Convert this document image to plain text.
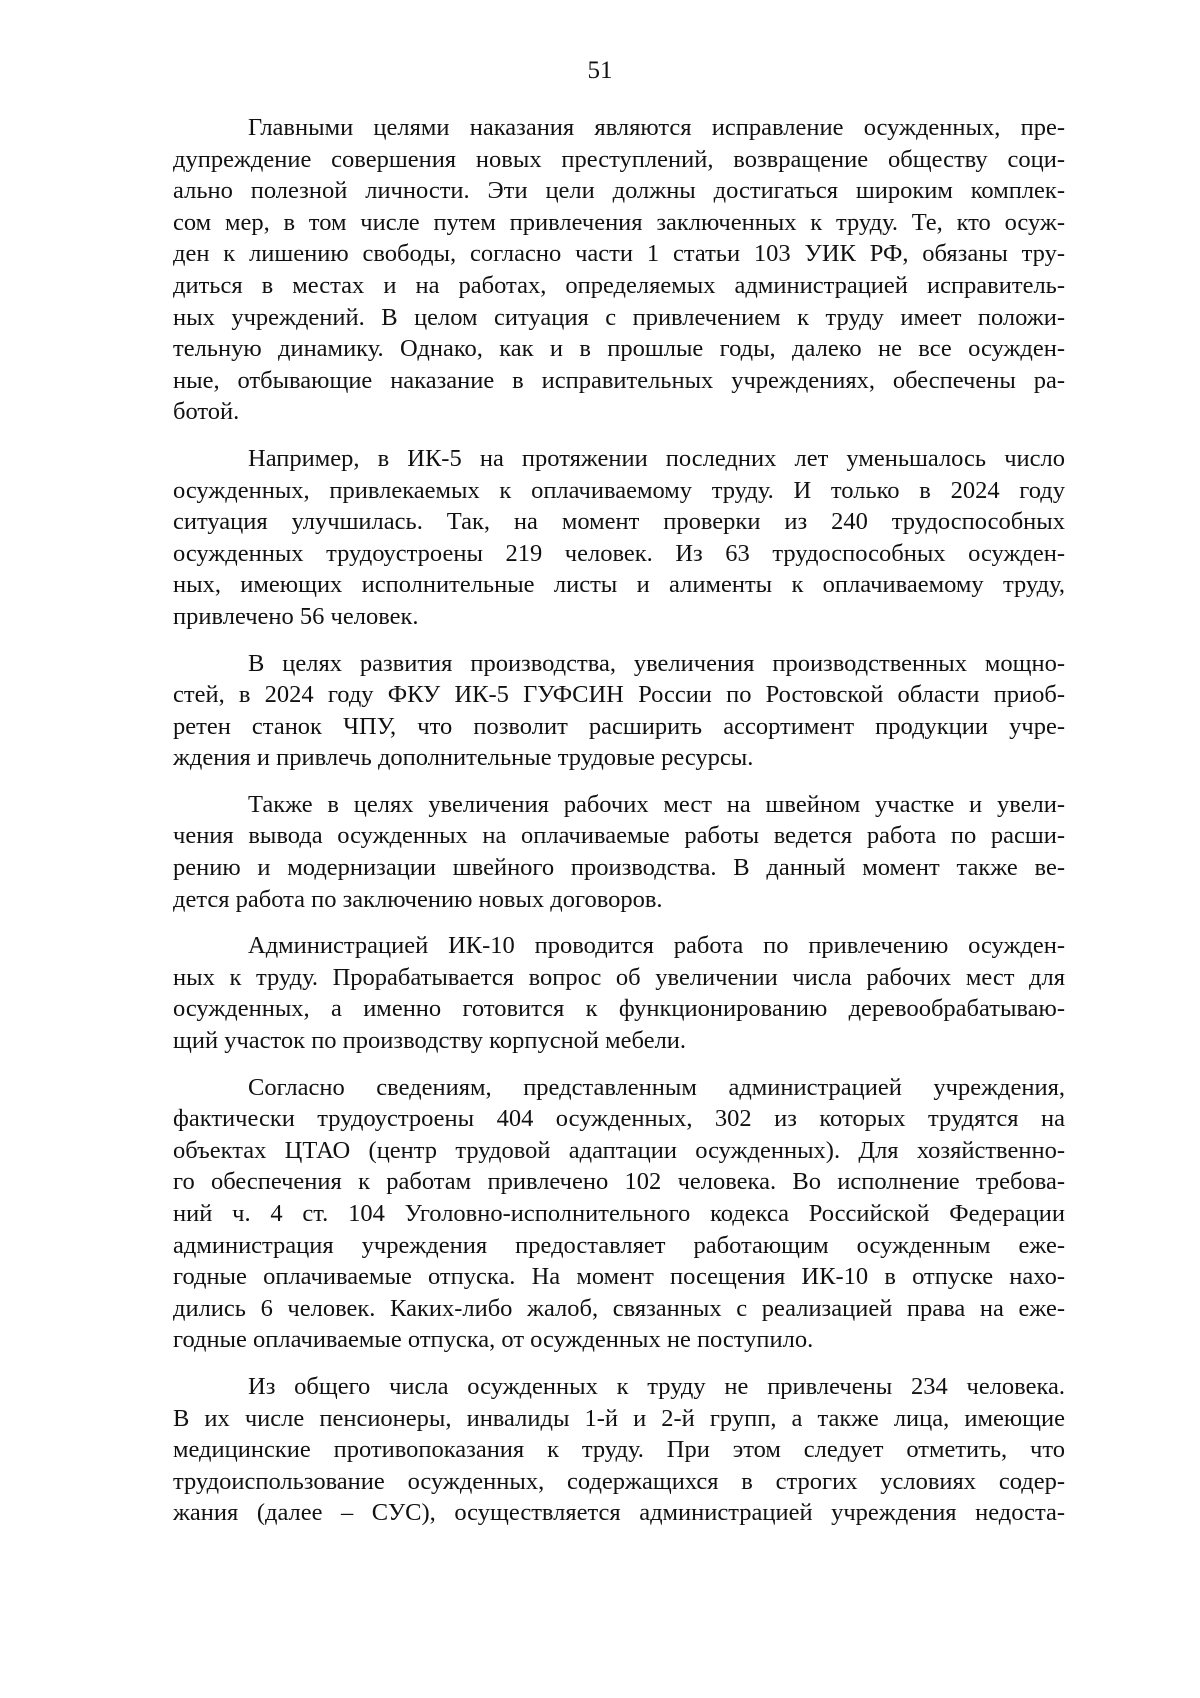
51

Главными целями наказания являются исправление осужденных, пре-
дупреждение совершения новых преступлений, возвращение обществу соци-
ально полезной личности. Эти цели должны достигаться широким комплек-
сом мер, в том числе путем привлечения заключенных к труду. Те, кто осуж-
ден к лишению свободы, согласно части 1 статьи 103 УИК РФ, обязаны тру-
диться в местах и на работах, определяемых администрацией исправитель-
ных учреждений. В целом ситуация с привлечением к труду имеет положи-
тельную динамику. Однако, как и в прошлые годы, далеко не все осужден-
ные, отбывающие наказание в исправительных учреждениях, обеспечены ра-
ботой.

Например, в ИК-5 на протяжении последних лет уменьшалось число
осужденных, привлекаемых к оплачиваемому труду. И только в 2024 году
ситуация улучшилась. Так, на момент проверки из 240 трудоспособных
осужденных трудоустроены 219 человек. Из 63 трудоспособных осужден-
ных, имеющих исполнительные листы и алименты к оплачиваемому труду,
привлечено 56 человек.

В целях развития производства, увеличения производственных мощно-
стей, в 2024 году ФКУ ИК-5 ГУФСИН России по Ростовской области приоб-
ретен станок ЧПУ, что позволит расширить ассортимент продукции учре-
ждения и привлечь дополнительные трудовые ресурсы.

Также в целях увеличения рабочих мест на швейном участке и увели-
чения вывода осужденных на оплачиваемые работы ведется работа по расши-
рению и модернизации швейного производства. В данный момент также ве-
дется работа по заключению новых договоров.

Администрацией ИК-10 проводится работа по привлечению осужден-
ных к труду. Прорабатывается вопрос об увеличении числа рабочих мест для
осужденных, а именно готовится к функционированию деревообрабатываю-
щий участок по производству корпусной мебели.

Согласно сведениям, представленным администрацией учреждения,
фактически трудоустроены 404 осужденных, 302 из которых трудятся на
объектах ЦТАО (центр трудовой адаптации осужденных). Для хозяйственно-
го обеспечения к работам привлечено 102 человека. Во исполнение требова-
ний ч. 4 ст. 104 Уголовно-исполнительного кодекса Российской Федерации
администрация учреждения предоставляет работающим осужденным еже-
годные оплачиваемые отпуска. На момент посещения ИК-10 в отпуске нахо-
дились 6 человек. Каких-либо жалоб, связанных с реализацией права на еже-
годные оплачиваемые отпуска, от осужденных не поступило.

Из общего числа осужденных к труду не привлечены 234 человека.
В их числе пенсионеры, инвалиды 1-й и 2-й групп, а также лица, имеющие
медицинские противопоказания к труду. При этом следует отметить, что
трудоиспользование осужденных, содержащихся в строгих условиях содер-
жания (далее – СУС), осуществляется администрацией учреждения недоста-
